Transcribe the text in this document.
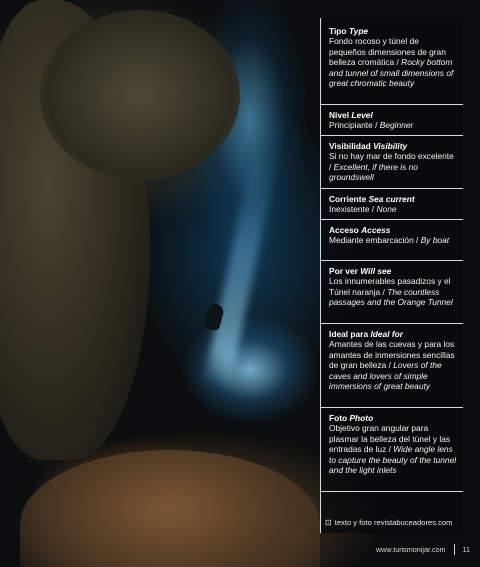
Tipo Type
Fondo rocoso y túnel de pequeños dimensiones de gran belleza cromática / Rocky bottom and tunnel of small dimensions of great chromatic beauty
Nivel Level
Principiante / Beginner
Visibilidad Visibility
Si no hay mar de fondo excelente / Excellent, if there is no groundswell
Corriente Sea current
Inexistente / None
Acceso Access
Mediante embarcación / By boat
Por ver Will see
Los innumerables pasadizos y el Túnel naranja / The countless passages and the Orange Tunnel
Ideal para Ideal for
Amantes de las cuevas y para los amantes de inmersiones sencillas de gran belleza / Lovers of the caves and lovers of simple immersions of great beauty
Foto Photo
Objetivo gran angular para plasmar la belleza del túnel y las entradas de luz / Wide angle lens to capture the beauty of the tunnel and the light inlets
⊡ texto y foto revistabuceadores.com
www.turismonijar.com 11
